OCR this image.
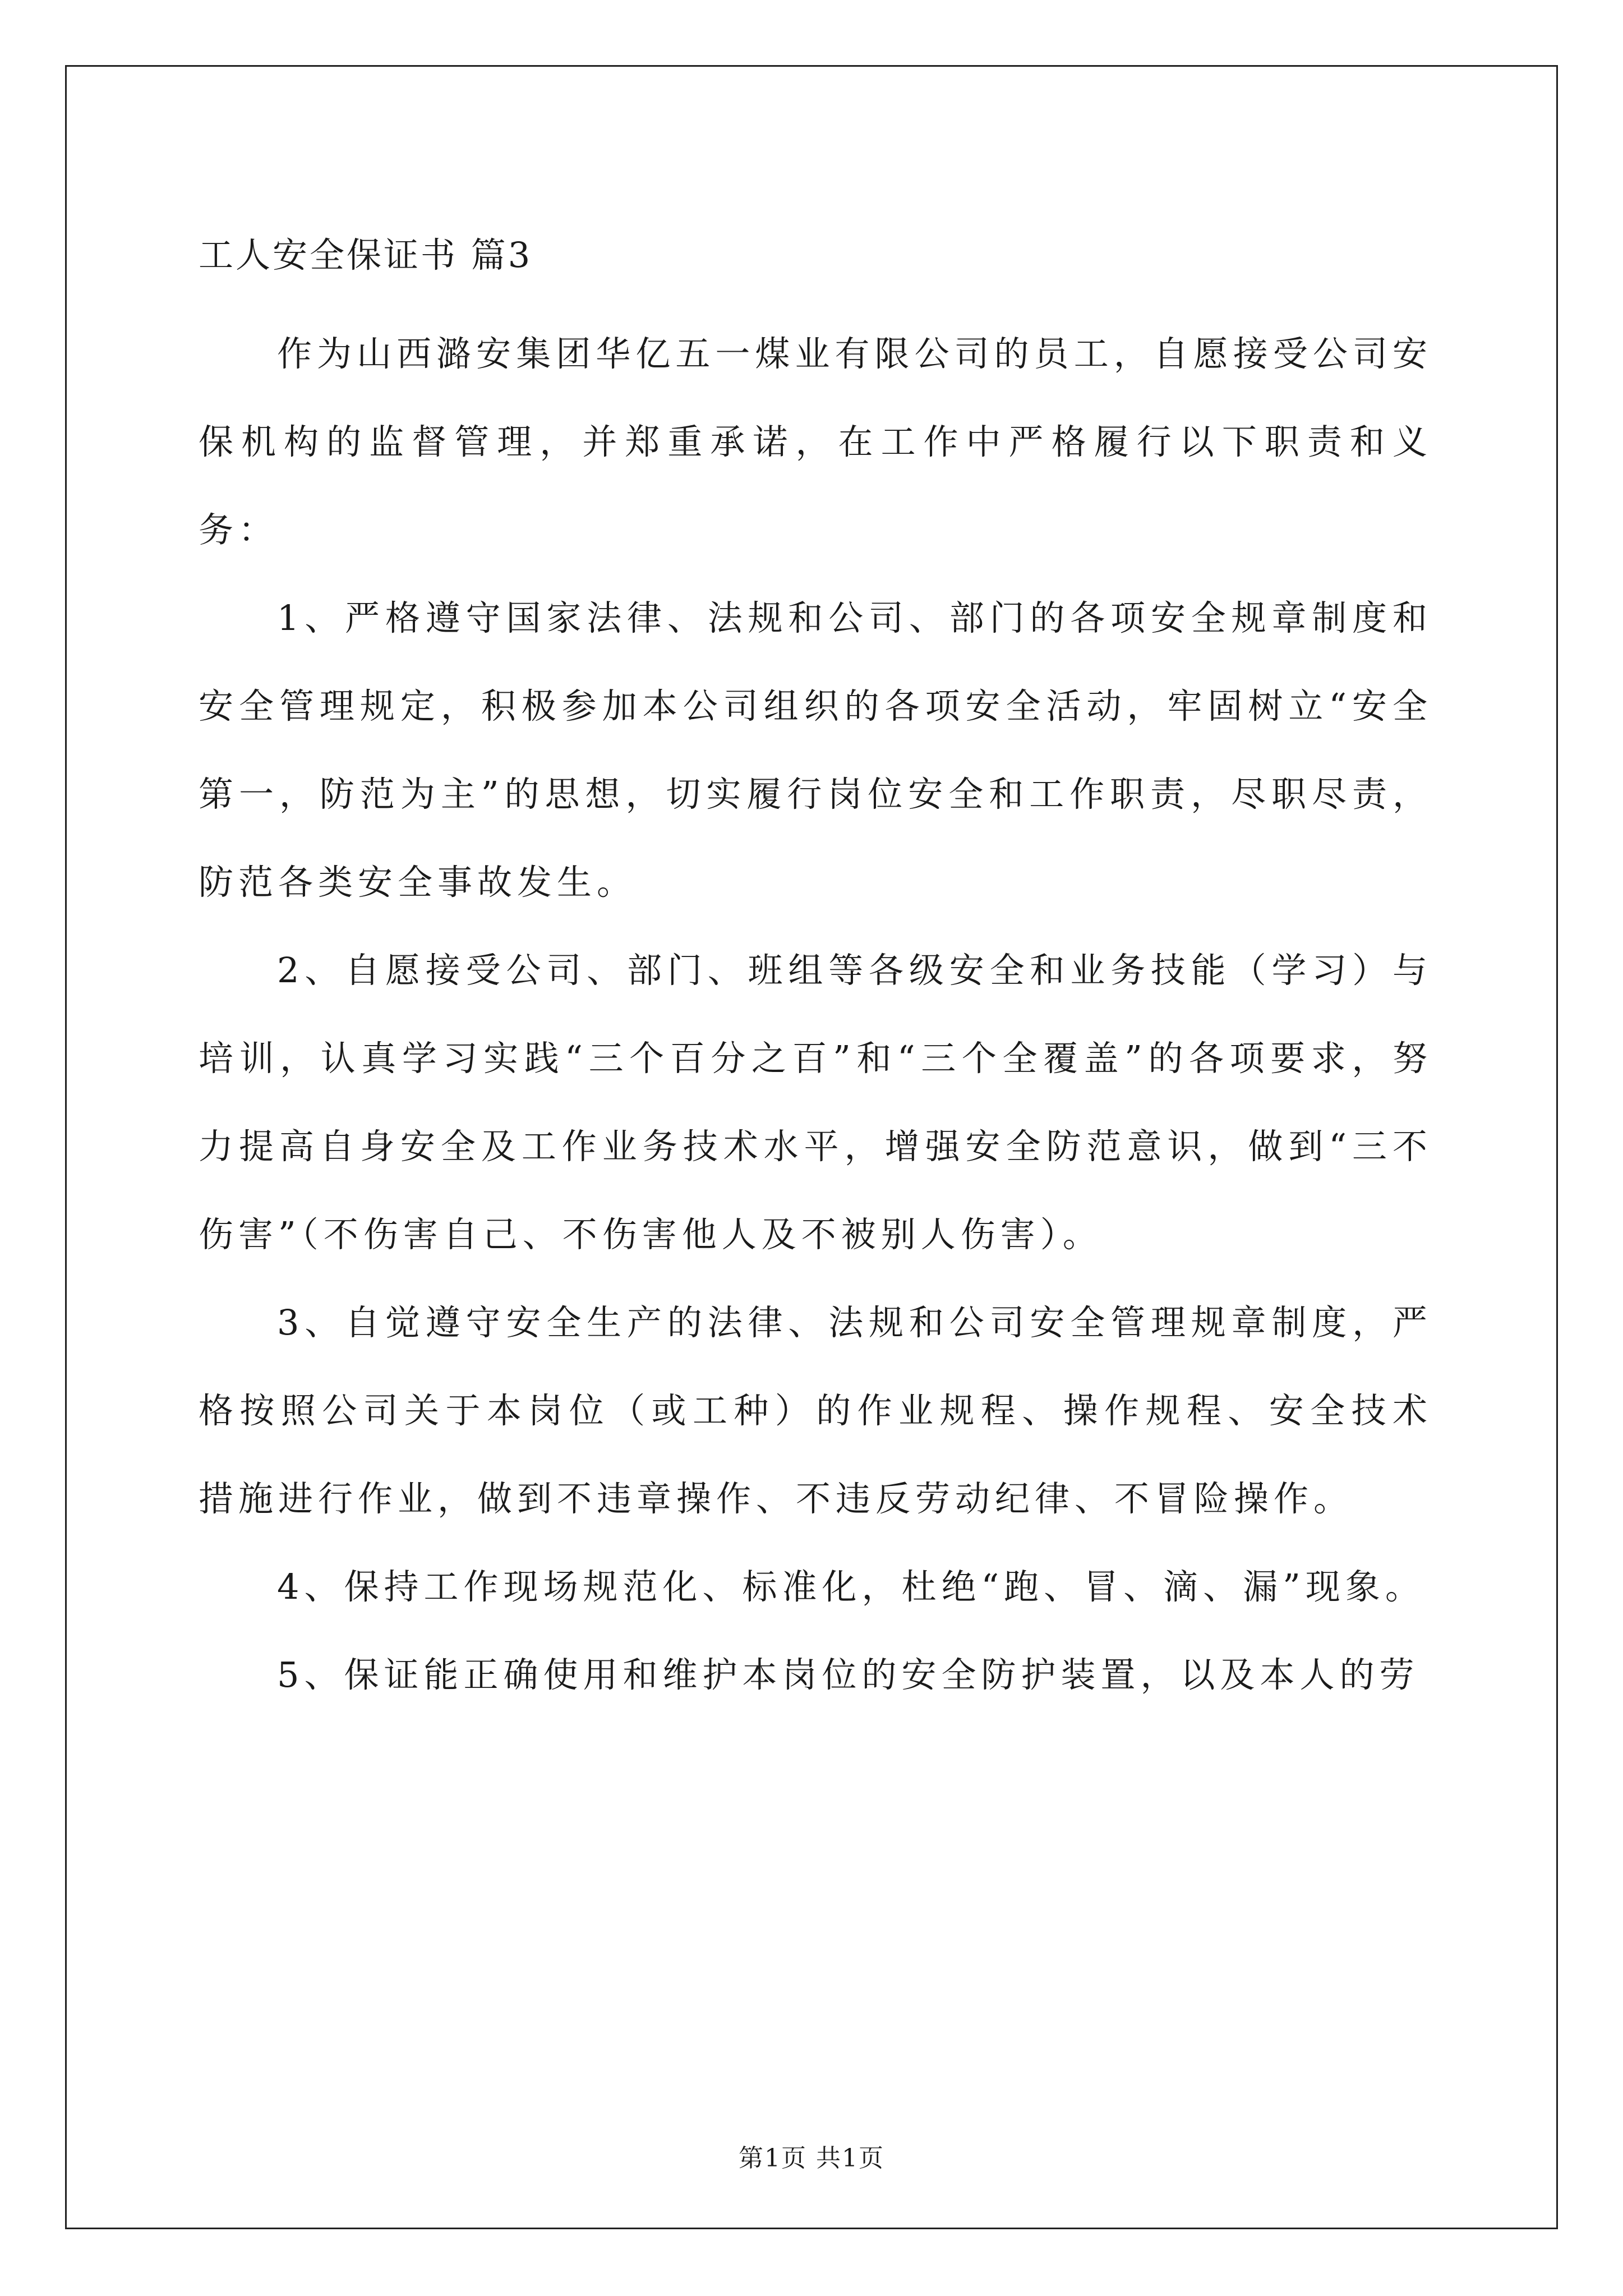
工人安全保证书 篇3

作为山西潞安集团华亿五一煤业有限公司的员工，自愿接受公司安保机构的监督管理，并郑重承诺，在工作中严格履行以下职责和义务：

1、严格遵守国家法律、法规和公司、部门的各项安全规章制度和安全管理规定，积极参加本公司组织的各项安全活动，牢固树立“安全第一，防范为主”的思想，切实履行岗位安全和工作职责，尽职尽责，防范各类安全事故发生。

2、自愿接受公司、部门、班组等各级安全和业务技能（学习）与培训，认真学习实践“三个百分之百”和“三个全覆盖”的各项要求，努力提高自身安全及工作业务技术水平，增强安全防范意识，做到“三不伤害”（不伤害自己、不伤害他人及不被别人伤害）。

3、自觉遵守安全生产的法律、法规和公司安全管理规章制度，严格按照公司关于本岗位（或工种）的作业规程、操作规程、安全技术措施进行作业，做到不违章操作、不违反劳动纪律、不冒险操作。

4、保持工作现场规范化、标准化，杜绝“跑、冒、滴、漏”现象。

5、保证能正确使用和维护本岗位的安全防护装置，以及本人的劳

第1页 共1页
